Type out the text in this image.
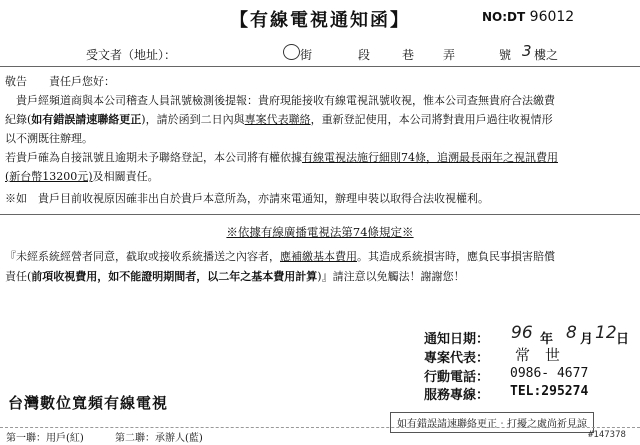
【有線電視通知函】	NO:DT 96012
受文者（地址）：	街	段	巷 弄	號 3 樓之
敬告　　責任戶您好：
　貴戶經頻道商與本公司稽查人員訊號檢測後提報：貴府現能接收有線電視訊號收視，惟本公司查無貴府合法繳費
紀錄(如有錯誤請速聯絡更正)，請於函到二日內與專案代表聯絡，重新登記使用，本公司將對貴用戶過往收視情形
以不溯既往辦理。
若貴戶確為自接訊號且逾期未予聯絡登記，本公司將有權依據有線電視法施行細則74條，追溯最長兩年之視訊費用
(新台幣13200元)及相關責任。
※如　貴戶目前收視原因確非出自於貴戶本意所為，亦請來電通知，辦理申裝以取得合法收視權利。
※依據有線廣播電視法第74條規定※
『未經系統經營者同意，截取或接收系統播送之內容者，應補繳基本費用。其造成系統損害時，應負民事損害賠償
責任(前項收視費用，如不能證明期間者，以二年之基本費用計算)』請注意以免觸法！謝謝您！
通知日期： 96 年 8 月 12 日
專案代表： 常　世
行動電話： 0986- 4677
服務專線： TEL:295274
台灣數位寬頻有線電視
如有錯誤請速聯絡更正‧打擾之處尚祈見諒
第一聯：用戶(紅)	第二聯：承辦人(藍)	#147378
